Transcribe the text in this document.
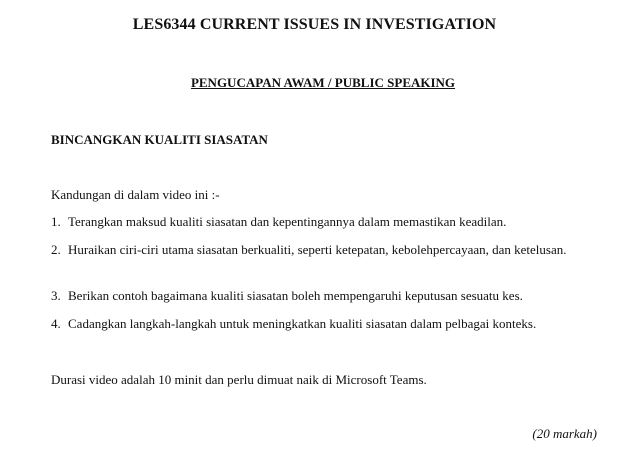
LES6344 CURRENT ISSUES IN INVESTIGATION
PENGUCAPAN AWAM / PUBLIC SPEAKING
BINCANGKAN KUALITI SIASATAN
Kandungan di dalam video ini :-
1. Terangkan maksud kualiti siasatan dan kepentingannya dalam memastikan keadilan.
2. Huraikan ciri-ciri utama siasatan berkualiti, seperti ketepatan, kebolehpercayaan, dan ketelusan.
3. Berikan contoh bagaimana kualiti siasatan boleh mempengaruhi keputusan sesuatu kes.
4. Cadangkan langkah-langkah untuk meningkatkan kualiti siasatan dalam pelbagai konteks.
Durasi video adalah 10 minit dan perlu dimuat naik di Microsoft Teams.
(20 markah)
